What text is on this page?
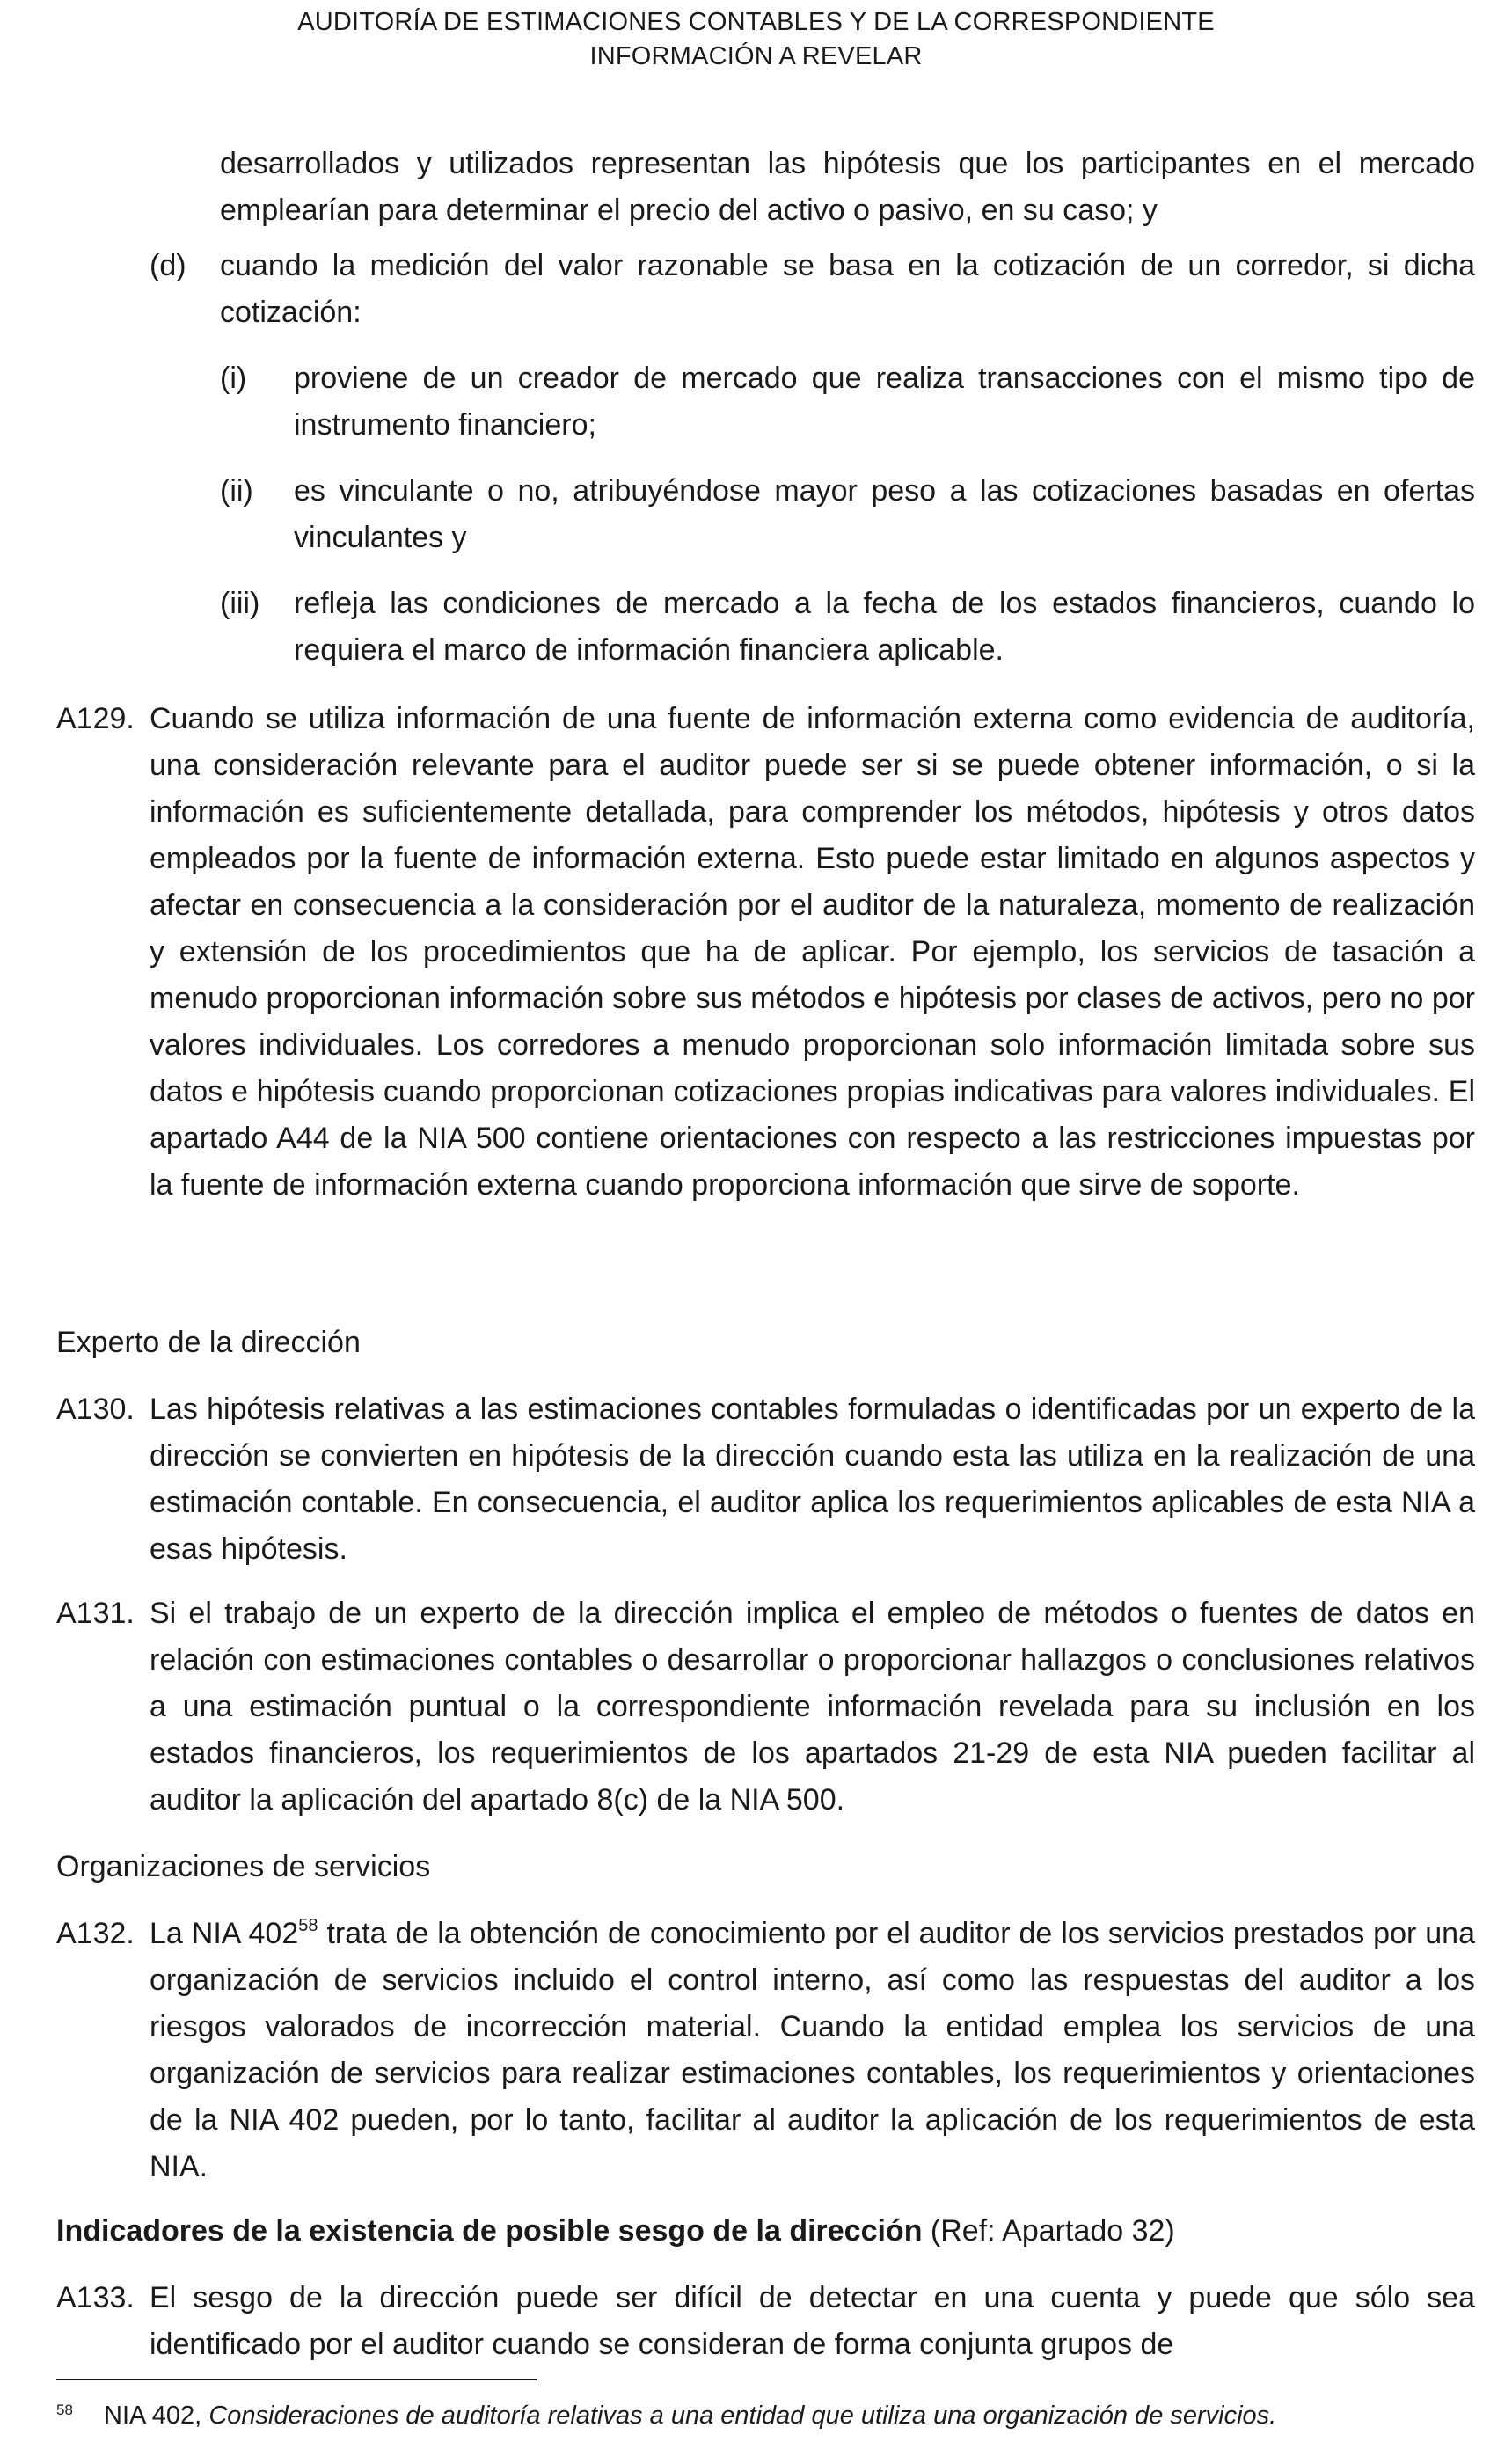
AUDITORÍA DE ESTIMACIONES CONTABLES Y DE LA CORRESPONDIENTE
INFORMACIÓN A REVELAR
desarrollados y utilizados representan las hipótesis que los participantes en el mercado emplearían para determinar el precio del activo o pasivo, en su caso; y
(d)	cuando la medición del valor razonable se basa en la cotización de un corredor, si dicha cotización:
(i)	proviene de un creador de mercado que realiza transacciones con el mismo tipo de instrumento financiero;
(ii)	es vinculante o no, atribuyéndose mayor peso a las cotizaciones basadas en ofertas vinculantes y
(iii)	refleja las condiciones de mercado a la fecha de los estados financieros, cuando lo requiera el marco de información financiera aplicable.
A129. Cuando se utiliza información de una fuente de información externa como evidencia de auditoría, una consideración relevante para el auditor puede ser si se puede obtener información, o si la información es suficientemente detallada, para comprender los métodos, hipótesis y otros datos empleados por la fuente de información externa. Esto puede estar limitado en algunos aspectos y afectar en consecuencia a la consideración por el auditor de la naturaleza, momento de realización y extensión de los procedimientos que ha de aplicar. Por ejemplo, los servicios de tasación a menudo proporcionan información sobre sus métodos e hipótesis por clases de activos, pero no por valores individuales. Los corredores a menudo proporcionan solo información limitada sobre sus datos e hipótesis cuando proporcionan cotizaciones propias indicativas para valores individuales. El apartado A44 de la NIA 500 contiene orientaciones con respecto a las restricciones impuestas por la fuente de información externa cuando proporciona información que sirve de soporte.
Experto de la dirección
A130. Las hipótesis relativas a las estimaciones contables formuladas o identificadas por un experto de la dirección se convierten en hipótesis de la dirección cuando esta las utiliza en la realización de una estimación contable. En consecuencia, el auditor aplica los requerimientos aplicables de esta NIA a esas hipótesis.
A131. Si el trabajo de un experto de la dirección implica el empleo de métodos o fuentes de datos en relación con estimaciones contables o desarrollar o proporcionar hallazgos o conclusiones relativos a una estimación puntual o la correspondiente información revelada para su inclusión en los estados financieros, los requerimientos de los apartados 21-29 de esta NIA pueden facilitar al auditor la aplicación del apartado 8(c) de la NIA 500.
Organizaciones de servicios
A132. La NIA $402^{58}$ trata de la obtención de conocimiento por el auditor de los servicios prestados por una organización de servicios incluido el control interno, así como las respuestas del auditor a los riesgos valorados de incorrección material. Cuando la entidad emplea los servicios de una organización de servicios para realizar estimaciones contables, los requerimientos y orientaciones de la NIA 402 pueden, por lo tanto, facilitar al auditor la aplicación de los requerimientos de esta NIA.
Indicadores de la existencia de posible sesgo de la dirección (Ref: Apartado 32)
A133. El sesgo de la dirección puede ser difícil de detectar en una cuenta y puede que sólo sea identificado por el auditor cuando se consideran de forma conjunta grupos de
58	NIA 402, Consideraciones de auditoría relativas a una entidad que utiliza una organización de servicios.
